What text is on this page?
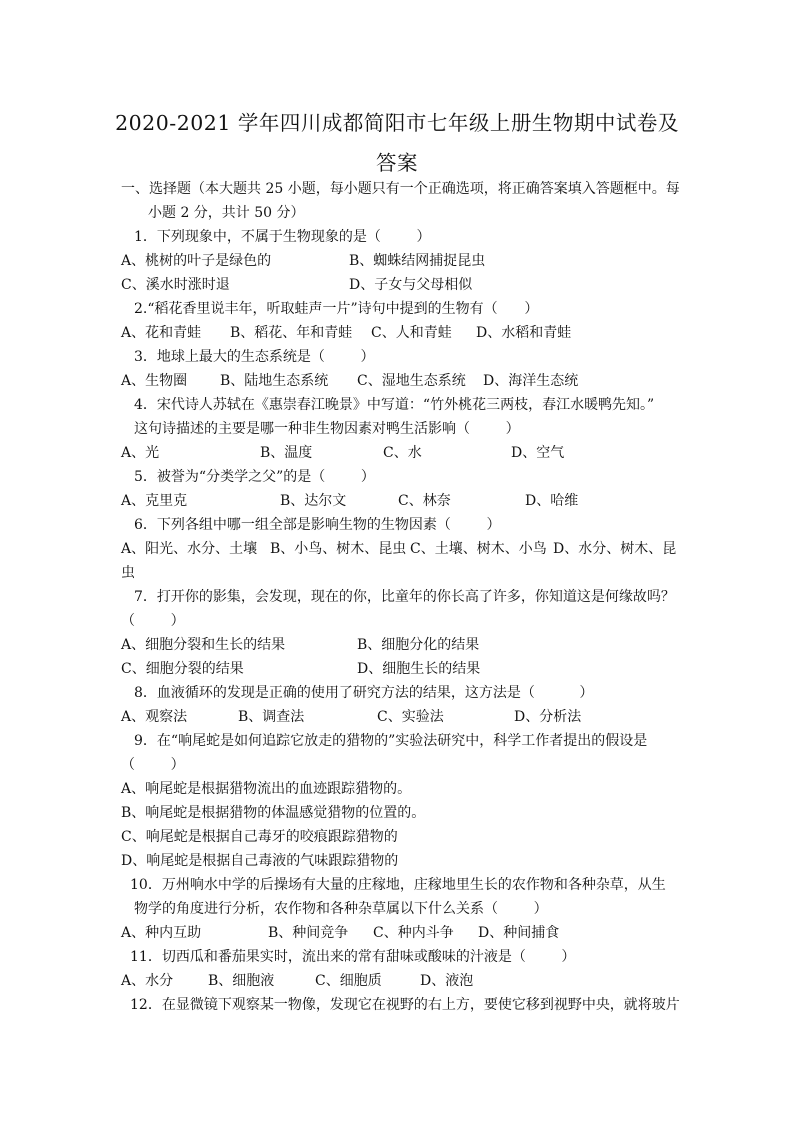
2020-2021 学年四川成都简阳市七年级上册生物期中试卷及
答案
一、选择题（本大题共 25 小题，每小题只有一个正确选项，将正确答案填入答题框中。每
小题 2 分，共计 50 分）
1．下列现象中，不属于生物现象的是（        ）
A、桃树的叶子是绿色的	B、蜘蛛结网捕捉昆虫
C、溪水时涨时退	D、子女与父母相似
2.“稻花香里说丰年，听取蛙声一片”诗句中提到的生物有（      ）
A、花和青蛙 B、稻花、年和青蛙 C、人和青蛙 D、水稻和青蛙
3．地球上最大的生态系统是（        ）
A、生物圈 B、陆地生态系统 C、湿地生态系统 D、海洋生态统
4．宋代诗人苏轼在《惠崇春江晚景》中写道：“竹外桃花三两枝，春江水暖鸭先知。”
这句诗描述的主要是哪一种非生物因素对鸭生活影响（        ）
A、光	B、温度	C、水	D、空气
5．被誉为“分类学之父”的是（        ）
A、克里克	B、达尔文	C、林奈	D、哈维
6．下列各组中哪一组全部是影响生物的生物因素（        ）
A、阳光、水分、土壤 B、小鸟、树木、昆虫 C、土壤、树木、小鸟 D、水分、树木、昆
虫
7．打开你的影集，会发现，现在的你，比童年的你长高了许多，你知道这是何缘故吗？
（        ）
A、细胞分裂和生长的结果	B、细胞分化的结果
C、细胞分裂的结果	D、细胞生长的结果
8．血液循环的发现是正确的使用了研究方法的结果，这方法是（          ）
A、观察法	B、调查法	C、实验法	D、分析法
9．在“响尾蛇是如何追踪它放走的猎物的”实验法研究中，科学工作者提出的假设是
（        ）
A、响尾蛇是根据猎物流出的血迹跟踪猎物的。
B、响尾蛇是根据猎物的体温感觉猎物的位置的。
C、响尾蛇是根据自己毒牙的咬痕跟踪猎物的
D、响尾蛇是根据自己毒液的气味跟踪猎物的
10．万州响水中学的后操场有大量的庄稼地，庄稼地里生长的农作物和各种杂草，从生
物学的角度进行分析，农作物和各种杂草属以下什么关系（        ）
A、种内互助	B、种间竞争 C、种内斗争 D、种间捕食
11．切西瓜和番茄果实时，流出来的常有甜味或酸味的汁液是（        ）
A、水分 B、细胞液	C、细胞质	D、液泡
12．在显微镜下观察某一物像，发现它在视野的右上方，要使它移到视野中央，就将玻片
